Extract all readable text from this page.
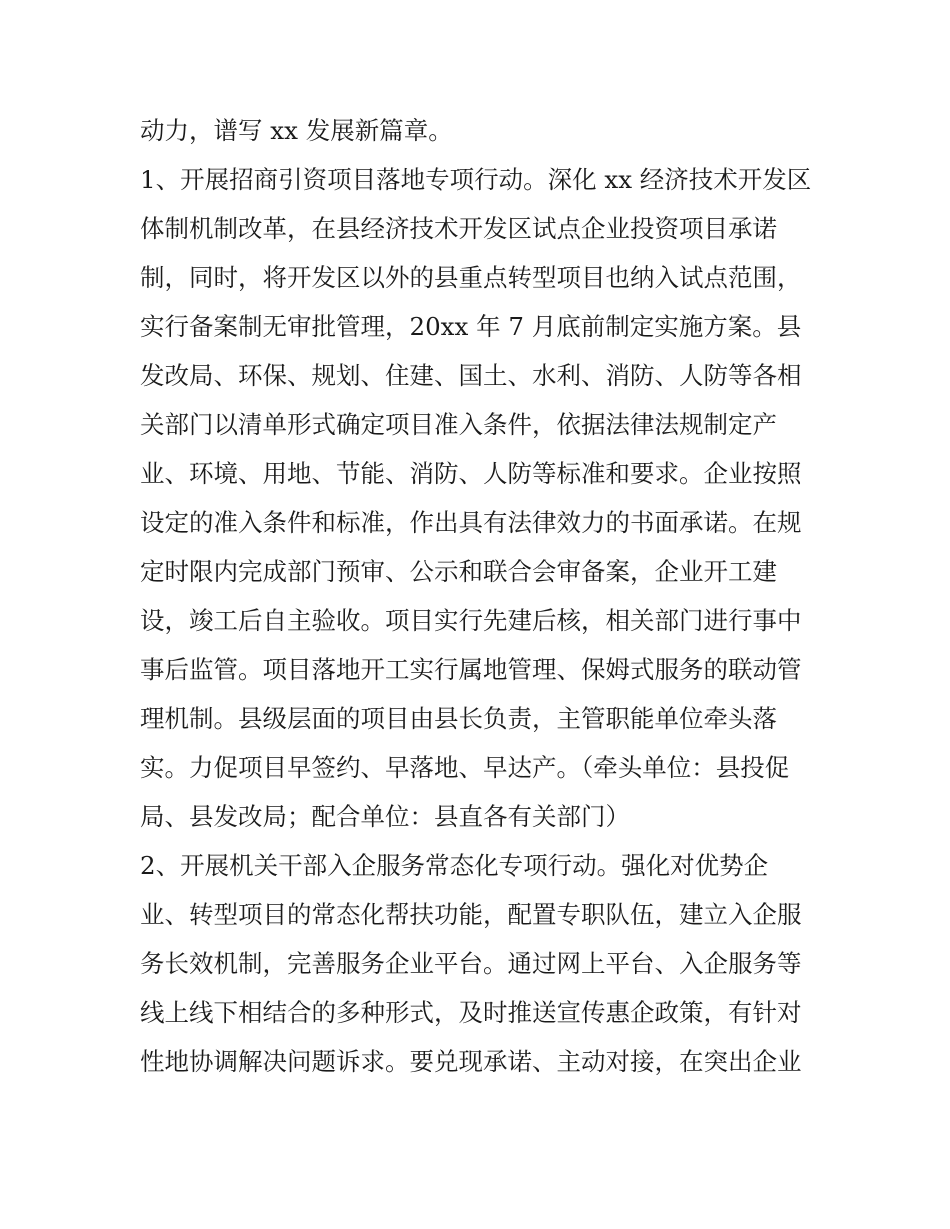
动力，谱写 xx 发展新篇章。
1、开展招商引资项目落地专项行动。深化 xx 经济技术开发区
体制机制改革，在县经济技术开发区试点企业投资项目承诺
制，同时，将开发区以外的县重点转型项目也纳入试点范围，
实行备案制无审批管理，20xx 年 7 月底前制定实施方案。县
发改局、环保、规划、住建、国土、水利、消防、人防等各相
关部门以清单形式确定项目准入条件，依据法律法规制定产
业、环境、用地、节能、消防、人防等标准和要求。企业按照
设定的准入条件和标准，作出具有法律效力的书面承诺。在规
定时限内完成部门预审、公示和联合会审备案，企业开工建
设，竣工后自主验收。项目实行先建后核，相关部门进行事中
事后监管。项目落地开工实行属地管理、保姆式服务的联动管
理机制。县级层面的项目由县长负责，主管职能单位牵头落
实。力促项目早签约、早落地、早达产。（牵头单位：县投促
局、县发改局；配合单位：县直各有关部门）
2、开展机关干部入企服务常态化专项行动。强化对优势企
业、转型项目的常态化帮扶功能，配置专职队伍，建立入企服
务长效机制，完善服务企业平台。通过网上平台、入企服务等
线上线下相结合的多种形式，及时推送宣传惠企政策，有针对
性地协调解决问题诉求。要兑现承诺、主动对接，在突出企业
